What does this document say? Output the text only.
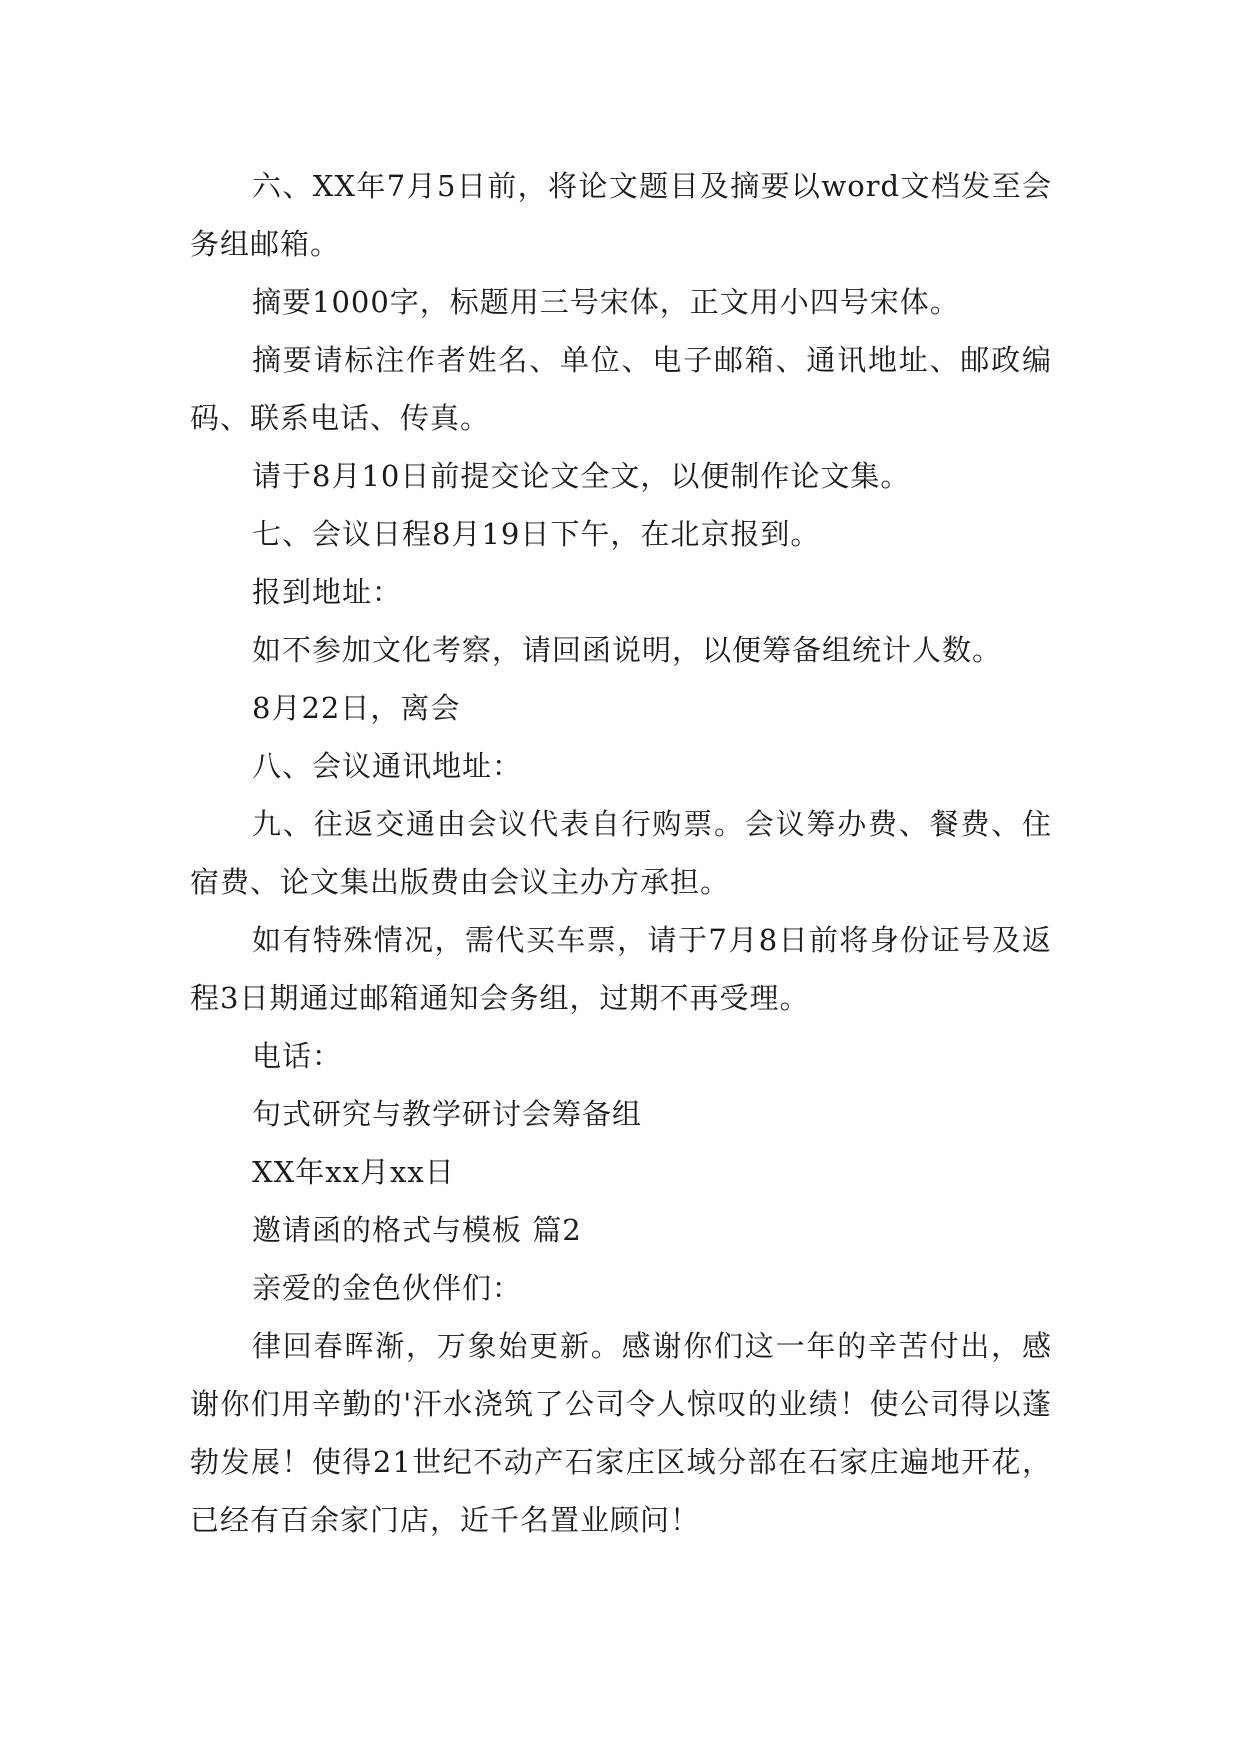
六、XX年7月5日前，将论文题目及摘要以word文档发至会务组邮箱。

摘要1000字，标题用三号宋体，正文用小四号宋体。

摘要请标注作者姓名、单位、电子邮箱、通讯地址、邮政编码、联系电话、传真。

请于8月10日前提交论文全文，以便制作论文集。

七、会议日程8月19日下午，在北京报到。

报到地址：

如不参加文化考察，请回函说明，以便筹备组统计人数。

8月22日，离会

八、会议通讯地址：

九、往返交通由会议代表自行购票。会议筹办费、餐费、住宿费、论文集出版费由会议主办方承担。

如有特殊情况，需代买车票，请于7月8日前将身份证号及返程3日期通过邮箱通知会务组，过期不再受理。

电话：

句式研究与教学研讨会筹备组

XX年xx月xx日

邀请函的格式与模板 篇2

亲爱的金色伙伴们：

律回春晖渐，万象始更新。感谢你们这一年的辛苦付出，感谢你们用辛勤的'汗水浇筑了公司令人惊叹的业绩！使公司得以蓬勃发展！使得21世纪不动产石家庄区域分部在石家庄遍地开花，已经有百余家门店，近千名置业顾问！
